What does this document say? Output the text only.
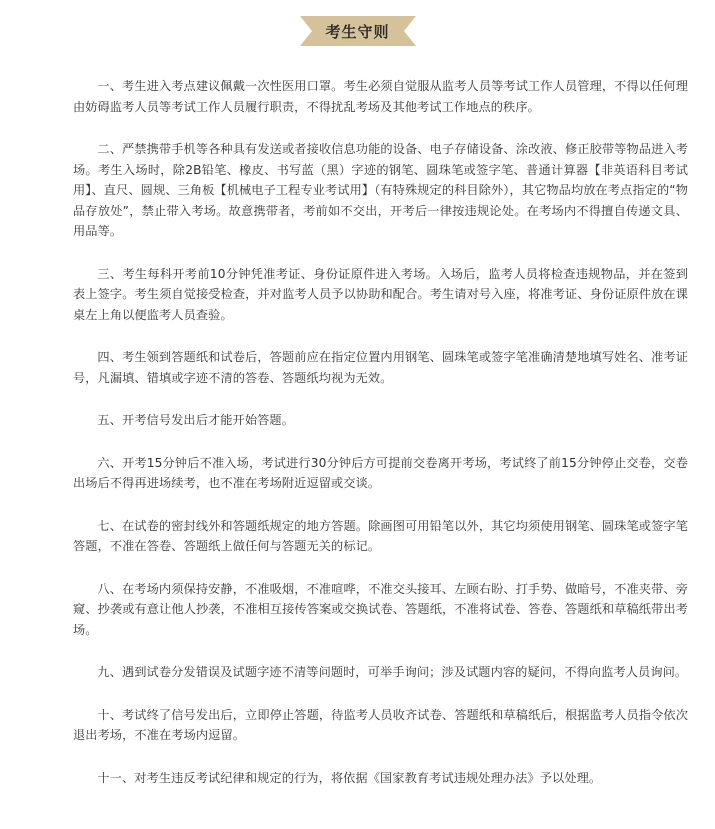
考生守则

一、考生进入考点建议佩戴一次性医用口罩。考生必须自觉服从监考人员等考试工作人员管理，不得以任何理由妨碍监考人员等考试工作人员履行职责，不得扰乱考场及其他考试工作地点的秩序。

二、严禁携带手机等各种具有发送或者接收信息功能的设备、电子存储设备、涂改液、修正胶带等物品进入考场。考生入场时，除2B铅笔、橡皮、书写蓝（黑）字迹的钢笔、圆珠笔或签字笔、普通计算器【非英语科目考试用】、直尺、圆规、三角板【机械电子工程专业考试用】（有特殊规定的科目除外），其它物品均放在考点指定的“物品存放处”，禁止带入考场。故意携带者，考前如不交出，开考后一律按违规论处。在考场内不得擅自传递文具、用品等。

三、考生每科开考前10分钟凭准考证、身份证原件进入考场。入场后，监考人员将检查违规物品，并在签到表上签字。考生须自觉接受检查，并对监考人员予以协助和配合。考生请对号入座，将准考证、身份证原件放在课桌左上角以便监考人员查验。

四、考生领到答题纸和试卷后，答题前应在指定位置内用钢笔、圆珠笔或签字笔准确清楚地填写姓名、准考证号，凡漏填、错填或字迹不清的答卷、答题纸均视为无效。

五、开考信号发出后才能开始答题。

六、开考15分钟后不准入场，考试进行30分钟后方可提前交卷离开考场，考试终了前15分钟停止交卷，交卷出场后不得再进场续考，也不准在考场附近逗留或交谈。

七、在试卷的密封线外和答题纸规定的地方答题。除画图可用铅笔以外，其它均须使用钢笔、圆珠笔或签字笔答题，不准在答卷、答题纸上做任何与答题无关的标记。

八、在考场内须保持安静，不准吸烟，不准喧哗，不准交头接耳、左顾右盼、打手势、做暗号，不准夹带、旁窥、抄袭或有意让他人抄袭，不准相互接传答案或交换试卷、答题纸，不准将试卷、答卷、答题纸和草稿纸带出考场。

九、遇到试卷分发错误及试题字迹不清等问题时，可举手询问；涉及试题内容的疑问，不得向监考人员询问。

十、考试终了信号发出后，立即停止答题，待监考人员收齐试卷、答题纸和草稿纸后，根据监考人员指令依次退出考场，不准在考场内逗留。

十一、对考生违反考试纪律和规定的行为，将依据《国家教育考试违规处理办法》予以处理。
